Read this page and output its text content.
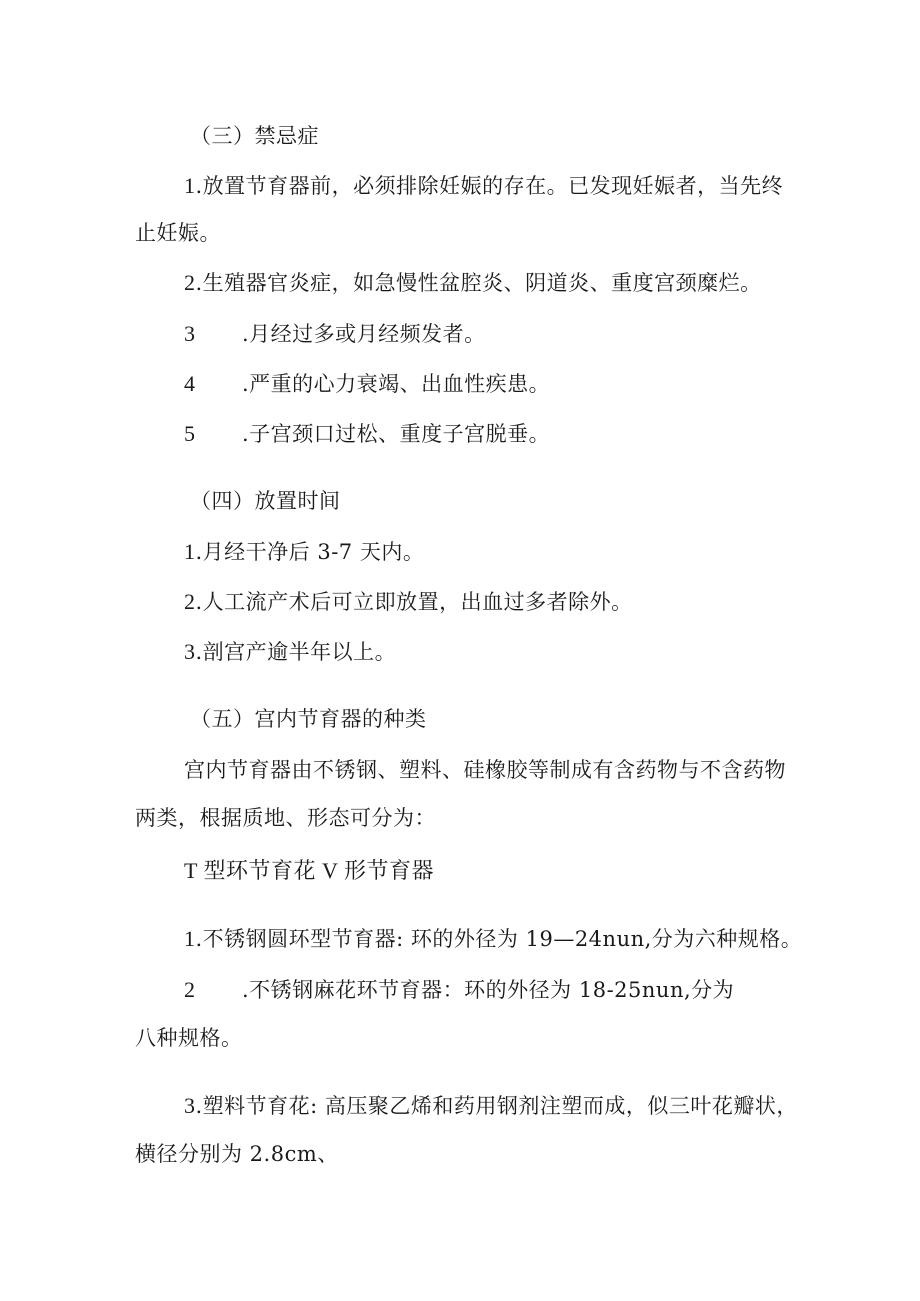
（三）禁忌症
1.放置节育器前，必须排除妊娠的存在。已发现妊娠者，当先终
止妊娠。
2.生殖器官炎症，如急慢性盆腔炎、阴道炎、重度宫颈糜烂。
3 .月经过多或月经频发者。
4 .严重的心力衰竭、出血性疾患。
5 .子宫颈口过松、重度子宫脱垂。
（四）放置时间
1.月经干净后 3-7 天内。
2.人工流产术后可立即放置，出血过多者除外。
3.剖宫产逾半年以上。
（五）宫内节育器的种类
宫内节育器由不锈钢、塑料、硅橡胶等制成有含药物与不含药物
两类，根据质地、形态可分为：
T 型环节育花 V 形节育器
1.不锈钢圆环型节育器: 环的外径为 19—24nun,分为六种规格。
2 .不锈钢麻花环节育器：环的外径为 18-25nun,分为
八种规格。
3.塑料节育花: 高压聚乙烯和药用钢剂注塑而成，似三叶花瓣状，
横径分别为 2.8cm、
